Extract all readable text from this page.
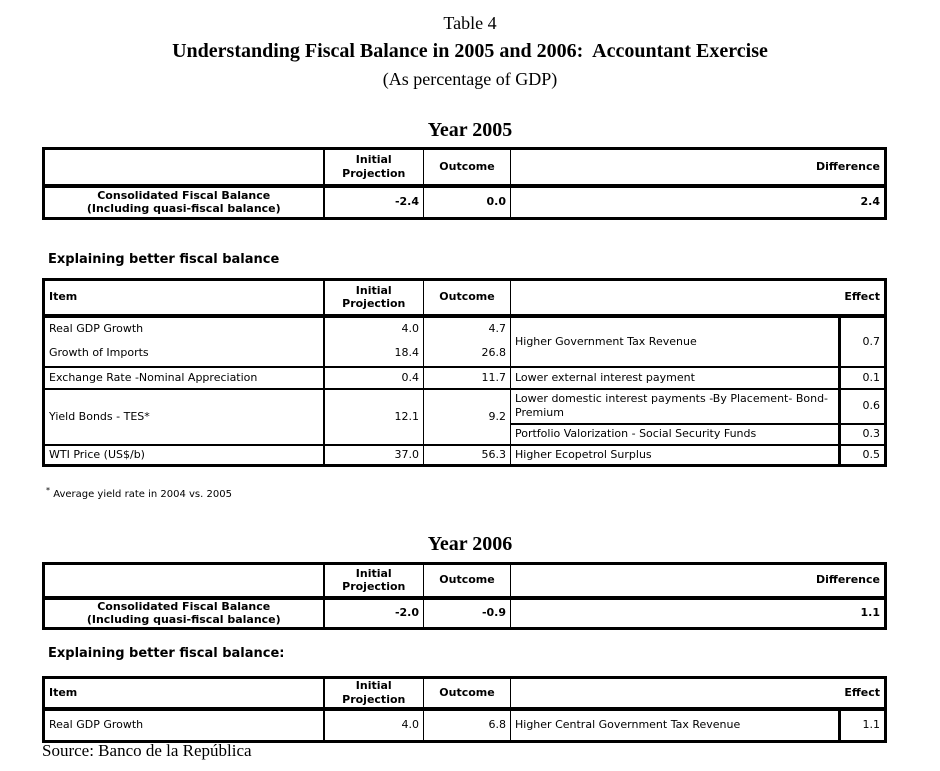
Table 4
Understanding Fiscal Balance in 2005 and 2006:  Accountant Exercise
(As percentage of GDP)
Year 2005
	Initial Projection	Outcome	Difference

Consolidated Fiscal Balance
(Including quasi-fiscal balance)	-2.4	0.0	2.4
Explaining better fiscal balance
Item	Initial Projection	Outcome	Effect	
Real GDP Growth	4.0	4.7	Higher Government Tax Revenue	0.7
Growth of Imports	18.4	26.8		
Exchange Rate -Nominal Appreciation	0.4	11.7	Lower external interest payment	0.1
Yield Bonds - TES*	12.1	9.2	Lower domestic interest payments -By Placement- Bond-Premium	0.6
			Portfolio Valorization - Social Security Funds	0.3
WTI Price (US$/b)	37.0	56.3	Higher Ecopetrol Surplus	0.5
* Average yield rate in 2004 vs. 2005
Year 2006
	Initial Projection	Outcome	Difference

Consolidated Fiscal Balance
(Including quasi-fiscal balance)	-2.0	-0.9	1.1
Explaining better fiscal balance:
Item	Initial Projection	Outcome	Effect	
Real GDP Growth	4.0	6.8	Higher Central Government Tax Revenue	1.1
Source: Banco de la República
